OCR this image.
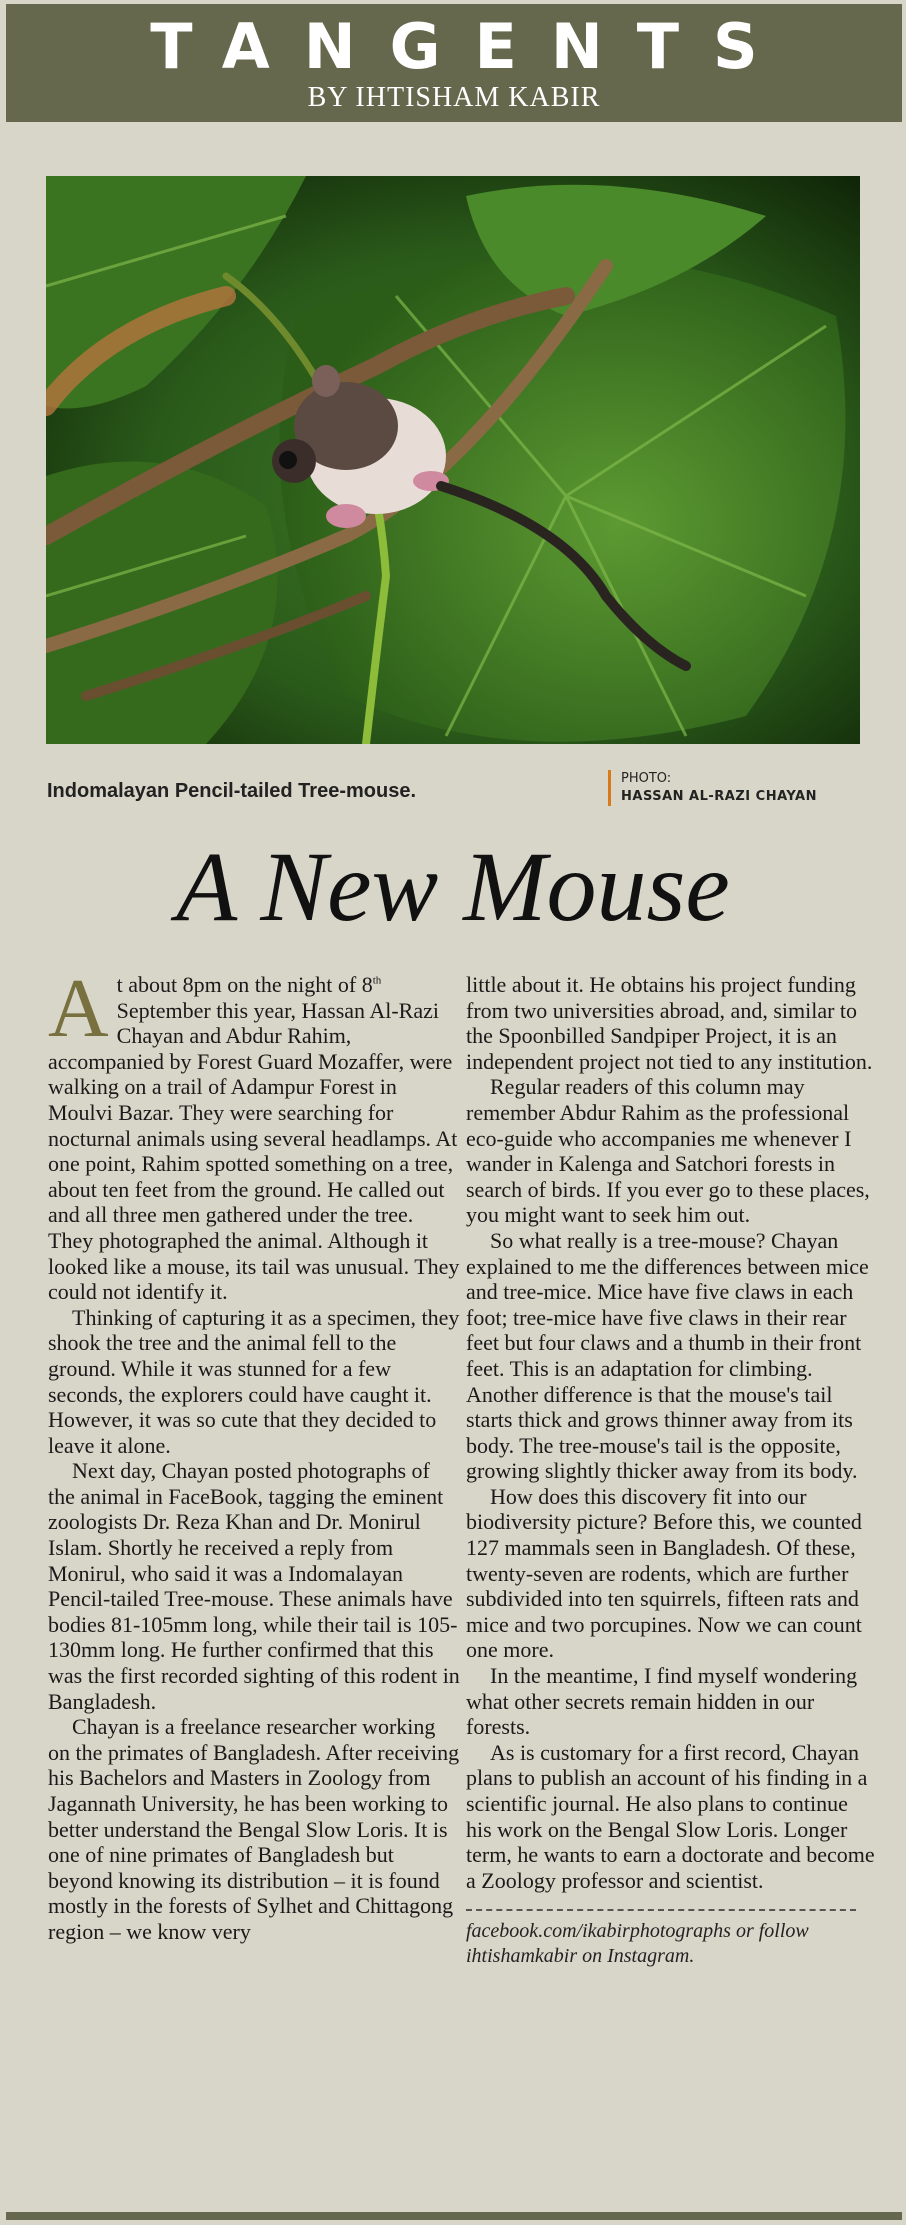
TANGENTS
BY IHTISHAM KABIR
Indomalayan Pencil-tailed Tree-mouse.
PHOTO:
HASSAN AL-RAZI CHAYAN
A New Mouse

At about 8pm on the night of 8th September this year, Hassan Al-Razi Chayan and Abdur Rahim, accompanied by Forest Guard Mozaffer, were walking on a trail of Adampur Forest in Moulvi Bazar. They were searching for nocturnal animals using several headlamps. At one point, Rahim spotted something on a tree, about ten feet from the ground. He called out and all three men gathered under the tree. They photographed the animal. Although it looked like a mouse, its tail was unusual. They could not identify it.

Thinking of capturing it as a specimen, they shook the tree and the animal fell to the ground. While it was stunned for a few seconds, the explorers could have caught it. However, it was so cute that they decided to leave it alone.

Next day, Chayan posted photographs of the animal in FaceBook, tagging the eminent zoologists Dr. Reza Khan and Dr. Monirul Islam. Shortly he received a reply from Monirul, who said it was a Indomalayan Pencil-tailed Tree-mouse. These animals have bodies 81-105mm long, while their tail is 105-130mm long. He further confirmed that this was the first recorded sighting of this rodent in Bangladesh.

Chayan is a freelance researcher working on the primates of Bangladesh. After receiving his Bachelors and Masters in Zoology from Jagannath University, he has been working to better understand the Bengal Slow Loris. It is one of nine primates of Bangladesh but beyond knowing its distribution – it is found mostly in the forests of Sylhet and Chittagong region – we know very

little about it. He obtains his project funding from two universities abroad, and, similar to the Spoonbilled Sandpiper Project, it is an independent project not tied to any institution.

Regular readers of this column may remember Abdur Rahim as the professional eco-guide who accompanies me whenever I wander in Kalenga and Satchori forests in search of birds. If you ever go to these places, you might want to seek him out.

So what really is a tree-mouse? Chayan explained to me the differences between mice and tree-mice. Mice have five claws in each foot; tree-mice have five claws in their rear feet but four claws and a thumb in their front feet. This is an adaptation for climbing. Another difference is that the mouse's tail starts thick and grows thinner away from its body. The tree-mouse's tail is the opposite, growing slightly thicker away from its body.

How does this discovery fit into our biodiversity picture? Before this, we counted 127 mammals seen in Bangladesh. Of these, twenty-seven are rodents, which are further subdivided into ten squirrels, fifteen rats and mice and two porcupines. Now we can count one more.

In the meantime, I find myself wondering what other secrets remain hidden in our forests.

As is customary for a first record, Chayan plans to publish an account of his finding in a scientific journal. He also plans to continue his work on the Bengal Slow Loris. Longer term, he wants to earn a doctorate and become a Zoology professor and scientist.

facebook.com/ikabirphotographs or follow ihtishamkabir on Instagram.
